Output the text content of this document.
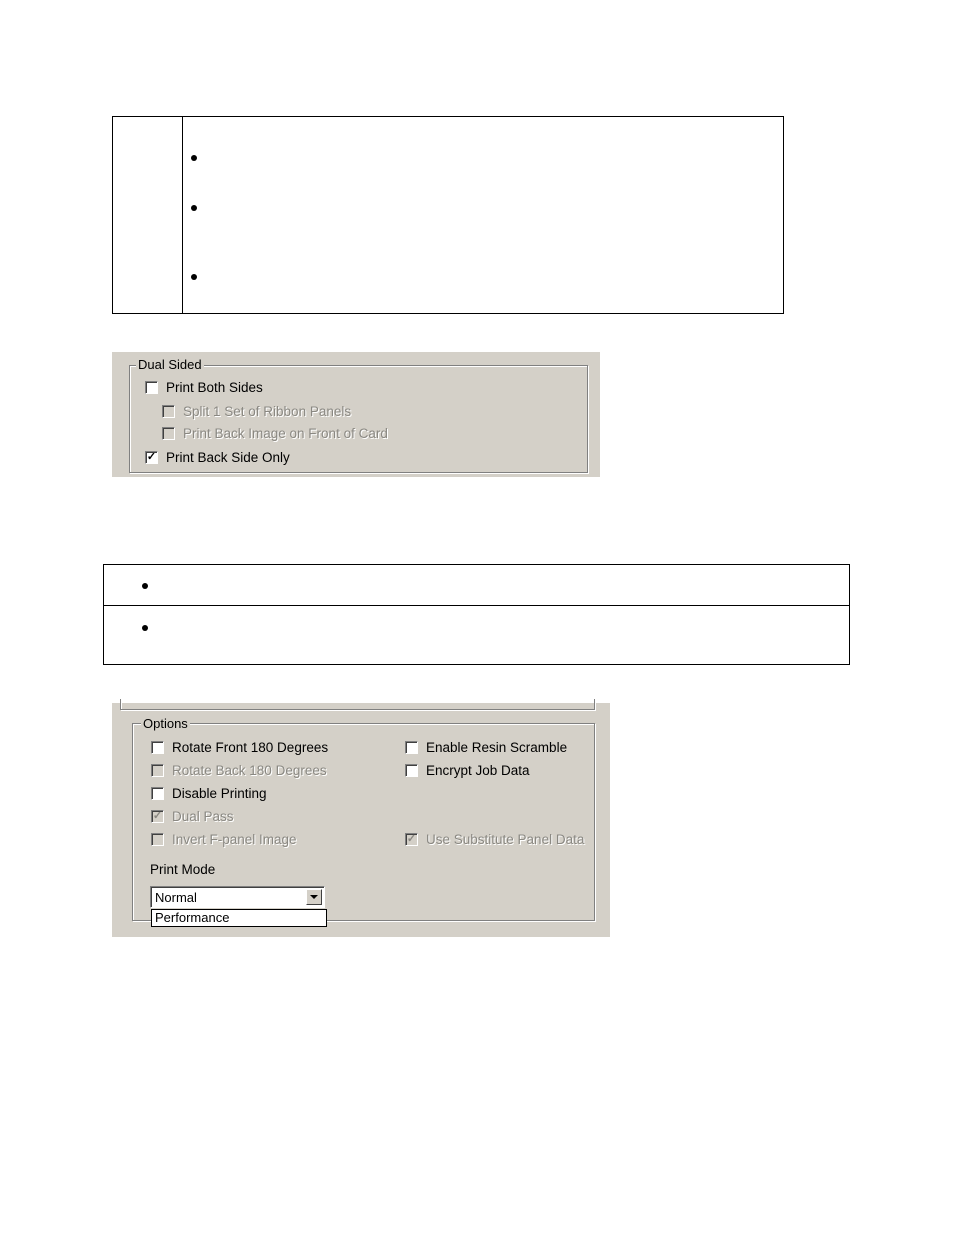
Dual Sided
Print Both Sides
Split 1 Set of Ribbon Panels
Print Back Image on Front of Card
✓ Print Back Side Only
Options
Rotate Front 180 Degrees
Rotate Back 180 Degrees
Disable Printing
✓ Dual Pass
Invert F-panel Image
Enable Resin Scramble
Encrypt Job Data
✓ Use Substitute Panel Data
Print Mode
Normal
Performance
